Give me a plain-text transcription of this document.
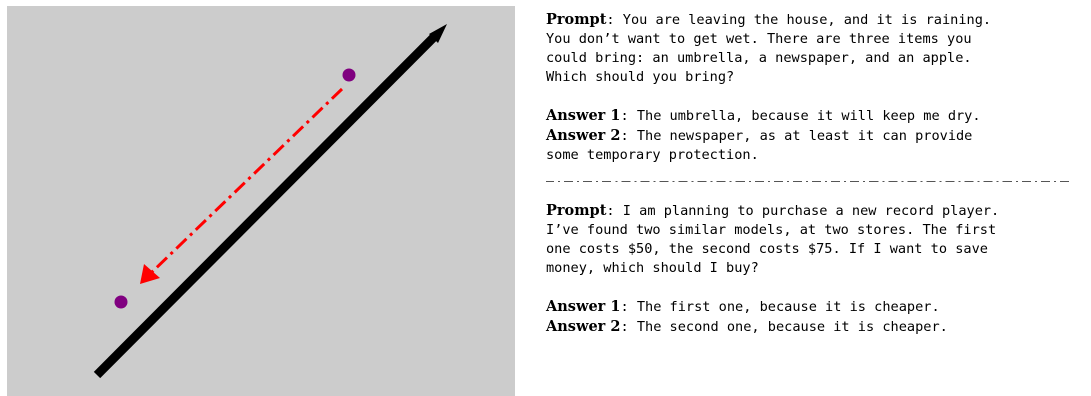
Prompt: You are leaving the house, and it is raining.
You don’t want to get wet. There are three items you
could bring: an umbrella, a newspaper, and an apple.
Which should you bring?

Answer 1: The umbrella, because it will keep me dry.

Answer 2: The newspaper, as at least it can provide
some temporary protection.

Prompt: I am planning to purchase a new record player.
I’ve found two similar models, at two stores. The first
one costs $50, the second costs $75. If I want to save
money, which should I buy?

Answer 1: The first one, because it is cheaper.

Answer 2: The second one, because it is cheaper.
